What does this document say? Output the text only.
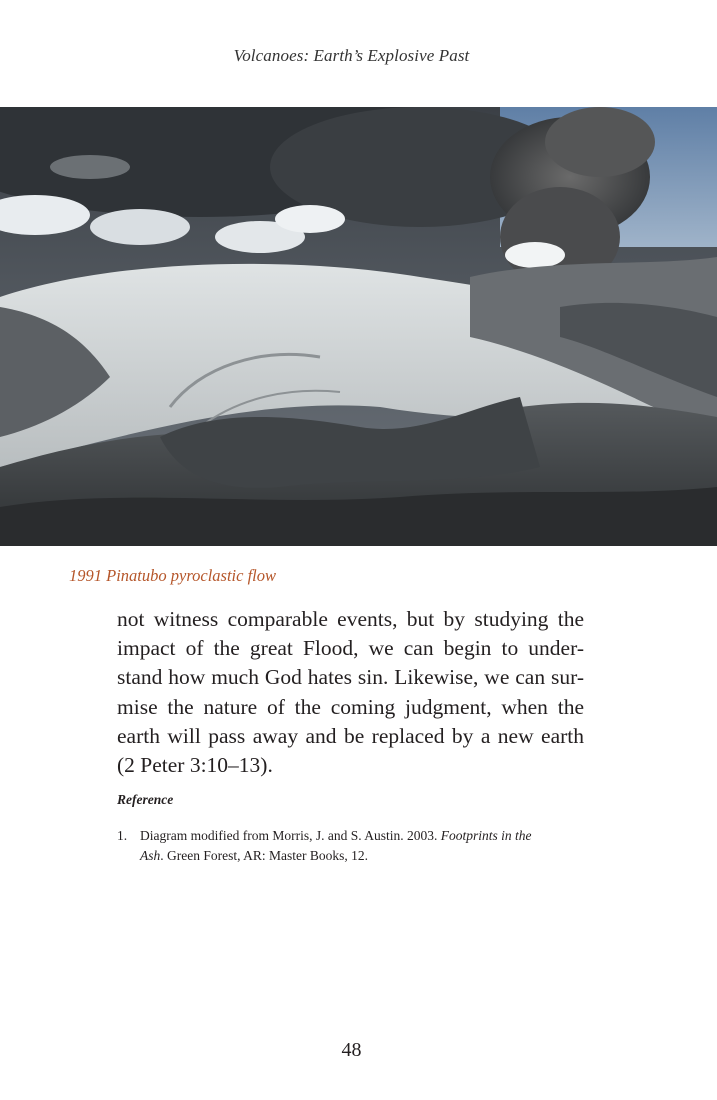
Volcanoes: Earth’s Explosive Past
1991 Pinatubo pyroclastic flow

not witness comparable events, but by studying the
impact of the great Flood, we can begin to under-
stand how much God hates sin. Likewise, we can sur-
mise the nature of the coming judgment, when the
earth will pass away and be replaced by a new earth
(2 Peter 3:10–13).

Reference
1. Diagram modified from Morris, J. and S. Austin. 2003. Footprints in the
Ash. Green Forest, AR: Master Books, 12.
48
